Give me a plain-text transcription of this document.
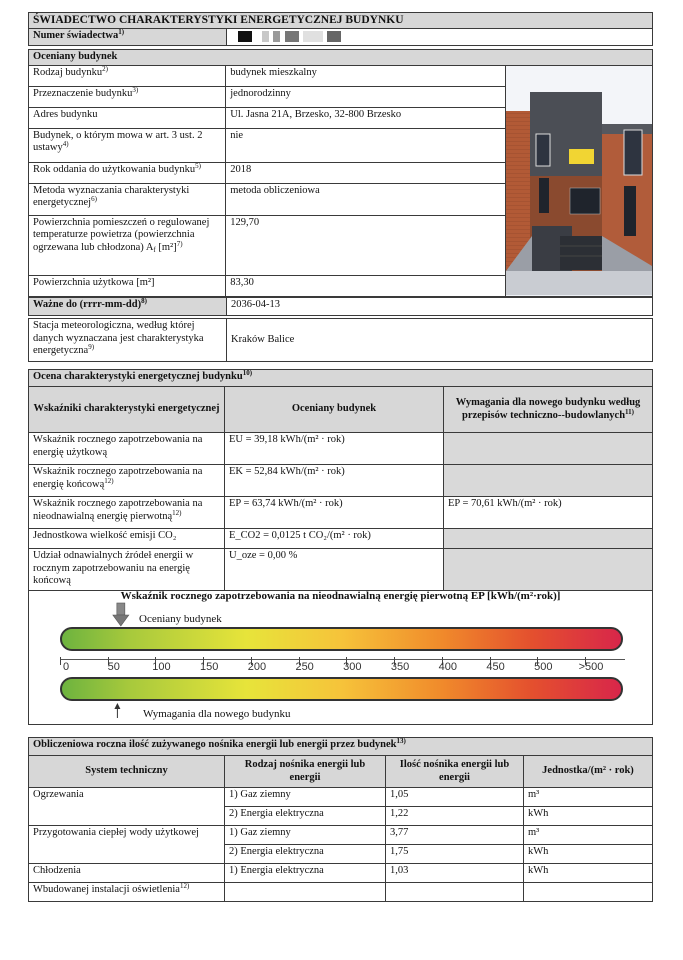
ŚWIADECTWO CHARAKTERYSTYKI ENERGETYCZNEJ BUDYNKU
Numer świadectwa$^{1)}$	
Oceniany budynek		
Rodzaj budynku$^{2)}$	budynek mieszkalny	

Przeznaczenie budynku$^{3)}$	jednorodzinny	
Adres budynku	Ul. Jasna 21A, Brzesko, 32-800 Brzesko	
Budynek, o którym mowa w art. 3 ust. 2 ustawy$^{4)}$	nie	
Rok oddania do użytkowania budynku$^{5)}$	2018	
Metoda wyznaczania charakterystyki energetycznej$^{6)}$	metoda obliczeniowa	
Powierzchnia pomieszczeń o regulowanej temperaturze powietrza (powierzchnia ogrzewana lub chłodzona) $A_f$ $[m^2]^{7)}$	129,70	
Powierzchnia użytkowa [m²]	83,30	
Ważne do (rrrr-mm-dd)$^{8)}$	2036-04-13
Stacja meteorologiczna, według której danych wyznaczana jest charakterystyka energetyczna$^{9)}$	Kraków Balice
Ocena charakterystyki energetycznej budynku$^{10)}$
Wskaźniki charakterystyki energetycznej	Oceniany budynek	Wymagania dla nowego budynku według przepisów techniczno--budowlanych$^{11)}$
Wskaźnik rocznego zapotrzebowania na energię użytkową	EU = 39,18 kWh/(m² · rok)	
Wskaźnik rocznego zapotrzebowania na energię końcową$^{12)}$	EK = 52,84 kWh/(m² · rok)	
Wskaźnik rocznego zapotrzebowania na nieodnawialną energię pierwotną$^{12)}$	EP = 63,74 kWh/(m² · rok)	EP = 70,61 kWh/(m² · rok)
Jednostkowa wielkość emisji CO₂	E_CO2 = 0,0125 t CO₂/(m² · rok)	
Udział odnawialnych źródeł energii w rocznym zapotrzebowaniu na energię końcową	U_oze = 0,00 %	

Wskaźnik rocznego zapotrzebowania na nieodnawialną energię pierwotną EP [kWh/(m²·rok)]
Oceniany budynek
0	50	100	150	200	250	300	350	400	450	500 >500
Wymagania dla nowego budynku
Obliczeniowa roczna ilość zużywanego nośnika energii lub energii przez budynek$^{13)}$
System techniczny	Rodzaj nośnika energii lub energii	Ilość nośnika energii lub energii	Jednostka/(m² · rok)
Ogrzewania	1) Gaz ziemny	1,05	m³
	2) Energia elektryczna	1,22	kWh
Przygotowania ciepłej wody użytkowej	1) Gaz ziemny	3,77	m³
	2) Energia elektryczna	1,75	kWh
Chłodzenia	1) Energia elektryczna	1,03	kWh
Wbudowanej instalacji oświetlenia$^{12)}$			
